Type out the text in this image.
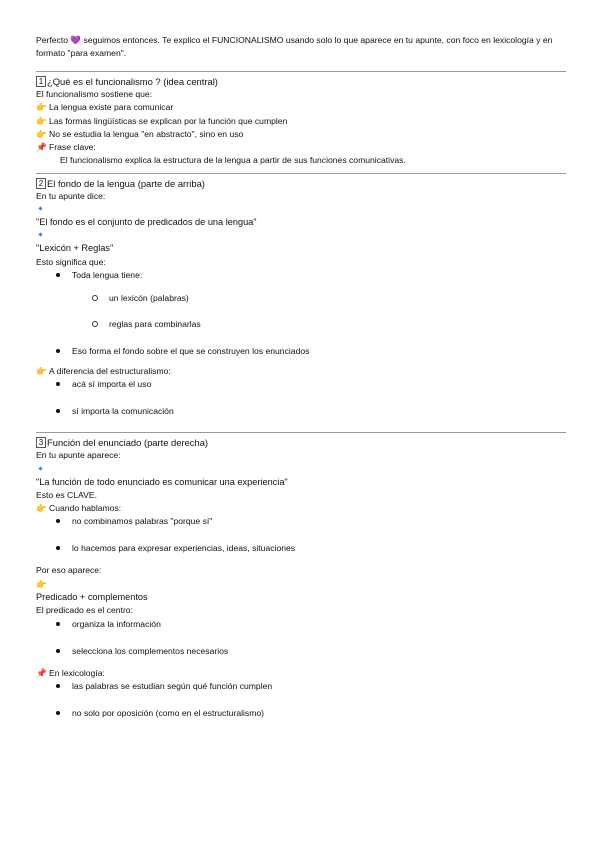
Perfecto 💜 seguimos entonces. Te explico el FUNCIONALISMO usando solo lo que aparece en tu apunte, con foco en lexicología y en formato "para examen".

1 ¿Qué es el funcionalismo ? (idea central)

El funcionalismo sostiene que:

👉 La lengua existe para comunicar

👉 Las formas lingüísticas se explican por la función que cumplen

👉 No se estudia la lengua "en abstracto", sino en uso

📌 Frase clave:

El funcionalismo explica la estructura de la lengua a partir de sus funciones comunicativas.

2 El fondo de la lengua (parte de arriba)

En tu apunte dice:

"El fondo es el conjunto de predicados de una lengua"

"Lexicón + Reglas"

Esto significa que:

Toda lengua tiene:
un lexicón (palabras)
reglas para combinarlas
Eso forma el fondo sobre el que se construyen los enunciados

👉 A diferencia del estructuralismo:

acá sí importa el uso
sí importa la comunicación

3 Función del enunciado (parte derecha)

En tu apunte aparece:

"La función de todo enunciado es comunicar una experiencia"

Esto es CLAVE.

👉 Cuando hablamos:

no combinamos palabras "porque sí"
lo hacemos para expresar experiencias, ideas, situaciones

Por eso aparece:

👉

Predicado + complementos

El predicado es el centro:

organiza la información
selecciona los complementos necesarios

📌 En lexicología:

las palabras se estudian según qué función cumplen
no solo por oposición (como en el estructuralismo)
